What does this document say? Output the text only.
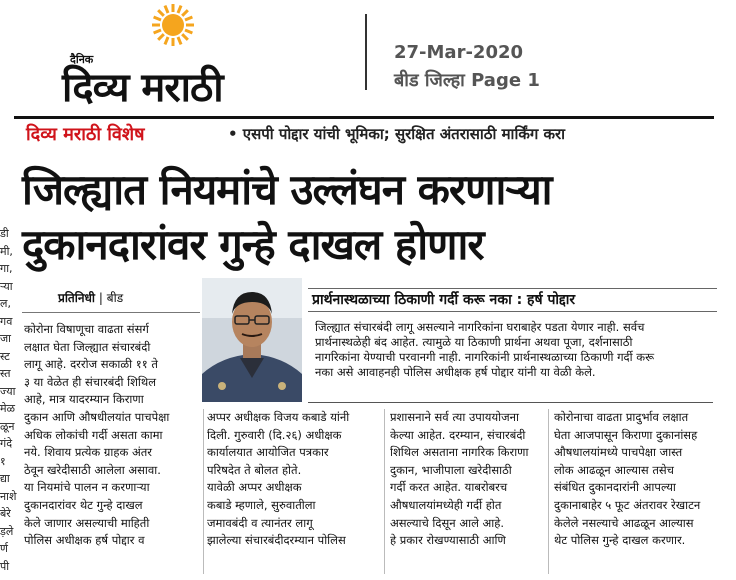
दैनिक
दिव्य मराठी
27-Mar-2020
बीड जिल्हा Page 1
डी
मी,
गा,
ऱ्या
ल,
गव
जा
स्ट
स्त
ज्या
मेळ
ळून
गंदे
१
द्या
नाशे
बेरे
ड़ले
र्ण
पी
दिव्य मराठी विशेष	• एसपी पोद्दार यांची भूमिका; सुरक्षित अंतरासाठी मार्किंग करा
जिल्ह्यात नियमांचे उल्लंघन करणाऱ्या
दुकानदारांवर गुन्हे दाखल होणार
प्रतिनिधी | बीड	प्रार्थनास्थळाच्या ठिकाणी गर्दी करू नका : हर्ष पोद्दार
जिल्ह्यात संचारबंदी लागू असल्याने नागरिकांना घराबाहेर पडता येणार नाही. सर्वच
प्रार्थनास्थळेही बंद आहेत. त्यामुळे या ठिकाणी प्रार्थना अथवा पूजा, दर्शनासाठी
नागरिकांना येण्याची परवानगी नाही. नागरिकांनी प्रार्थनास्थळाच्या ठिकाणी गर्दी करू
नका असे आवाहनही पोलिस अधीक्षक हर्ष पोद्दार यांनी या वेळी केले.
कोरोना विषाणूचा वाढता संसर्ग
लक्षात घेता जिल्ह्यात संचारबंदी
लागू आहे. दररोज सकाळी ११ ते
३ या वेळेत ही संचारबंदी शिथिल
आहे, मात्र यादरम्यान किराणा
दुकान आणि औषधीलयांत पाचपेक्षा
अधिक लोकांची गर्दी असता कामा
नये. शिवाय प्रत्येक ग्राहक अंतर
ठेवून खरेदीसाठी आलेला असावा.
या नियमांचे पालन न करणाऱ्या
दुकानदारांवर थेट गुन्हे दाखल
केले जाणार असल्याची माहिती
पोलिस अधीक्षक हर्ष पोद्दार व
अप्पर अधीक्षक विजय कबाडे यांनी
दिली. गुरुवारी (दि.२६) अधीक्षक
कार्यालयात आयोजित पत्रकार
परिषदेत ते बोलत होते.
यावेळी अप्पर अधीक्षक
कबाडे म्हणाले, सुरुवातीला
जमावबंदी व त्यानंतर लागू
झालेल्या संचारबंदीदरम्यान पोलिस
प्रशासनाने सर्व त्या उपाययोजना
केल्या आहेत. दरम्यान, संचारबंदी
शिथिल असताना नागरिक किराणा
दुकान, भाजीपाला खरेदीसाठी
गर्दी करत आहेत. याबरोबरच
औषधालयांमध्येही गर्दी होत
असल्याचे दिसून आले आहे.
हे प्रकार रोखण्यासाठी आणि
कोरोनाचा वाढता प्रादुर्भाव लक्षात
घेता आजपासून किराणा दुकानांसह
औषधालयांमध्ये पाचपेक्षा जास्त
लोक आढळून आल्यास तसेच
संबंधित दुकानदारांनी आपल्या
दुकानाबाहेर ५ फूट अंतरावर रेखाटन
केलेले नसल्याचे आढळून आल्यास
थेट पोलिस गुन्हे दाखल करणार.
